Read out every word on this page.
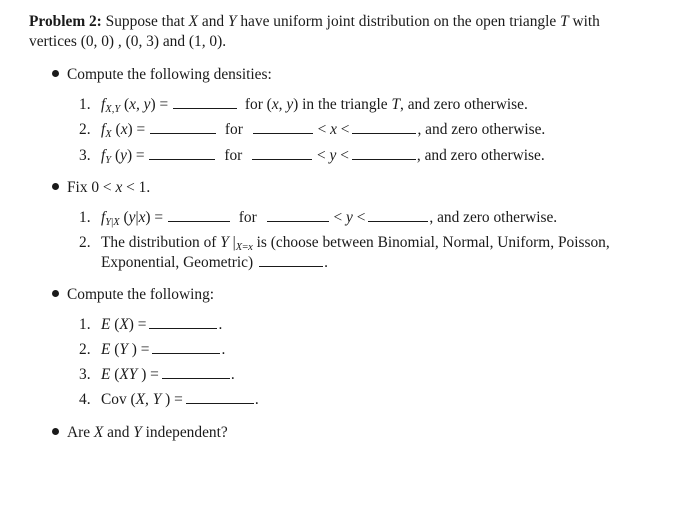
Problem 2: Suppose that X and Y have uniform joint distribution on the open triangle T with
vertices (0, 0) , (0, 3) and (1, 0).
Compute the following densities:
1. $f_{X,Y}$ (x, y) =	for (x, y) in the triangle T, and zero otherwise.
2. $f_X$ (x) =	for	< x <	, and zero otherwise.
3. $f_Y$ (y) =	for	< y <	, and zero otherwise.
Fix 0 < x < 1.
1. $f_{Y|X}$ (y|x) =	for	< y <	, and zero otherwise.
2. The distribution of Y $|_{X=x}$ is (choose between Binomial, Normal, Uniform, Poisson,
Exponential, Geometric)	.
Compute the following:
1. E (X) =	.
2. E (Y ) =	.
3. E (XY ) =	.
4. Cov (X, Y ) =	.
Are X and Y independent?
